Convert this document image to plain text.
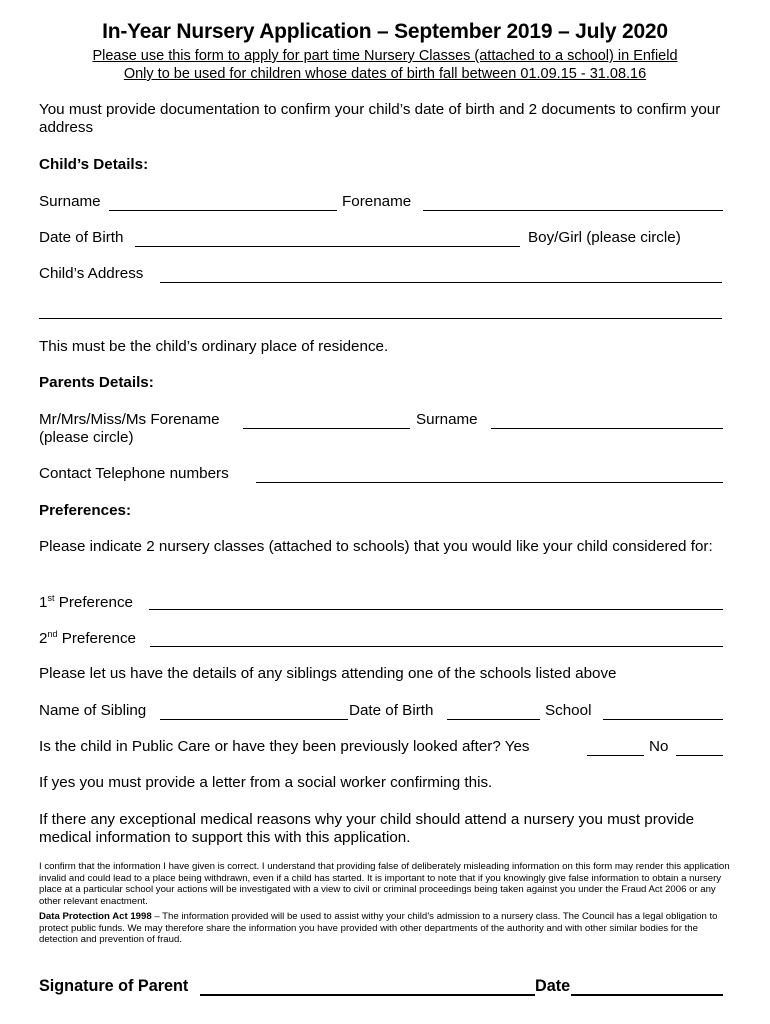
In-Year Nursery Application – September 2019 – July 2020
Please use this form to apply for part time Nursery Classes (attached to a school) in Enfield
Only to be used for children whose dates of birth fall between 01.09.15 - 31.08.16
You must provide documentation to confirm your child’s date of birth and 2 documents to confirm your address
Child’s Details:
Surname	Forename
Date of Birth	Boy/Girl (please circle)
Child’s Address
This must be the child’s ordinary place of residence.
Parents Details:
Mr/Mrs/Miss/Ms Forename	Surname
(please circle)
Contact Telephone numbers
Preferences:
Please indicate 2 nursery classes (attached to schools) that you would like your child considered for:
1st Preference
2nd Preference
Please let us have the details of any siblings attending one of the schools listed above
Name of Sibling	Date of Birth	School
Is the child in Public Care or have they been previously looked after? Yes	No
If yes you must provide a letter from a social worker confirming this.
If there any exceptional medical reasons why your child should attend a nursery you must provide medical information to support this with this application.
I confirm that the information I have given is correct. I understand that providing false of deliberately misleading information on this form may render this application invalid and could lead to a place being withdrawn, even if a child has started. It is important to note that if you knowingly give false information to obtain a nursery place at a particular school your actions will be investigated with a view to civil or criminal proceedings being taken against you under the Fraud Act 2006 or any other relevant enactment.
Data Protection Act 1998 – The information provided will be used to assist withy your child’s admission to a nursery class. The Council has a legal obligation to protect public funds. We may therefore share the information you have provided with other departments of the authority and with other similar bodies for the detection and prevention of fraud.
Signature of Parent	Date
